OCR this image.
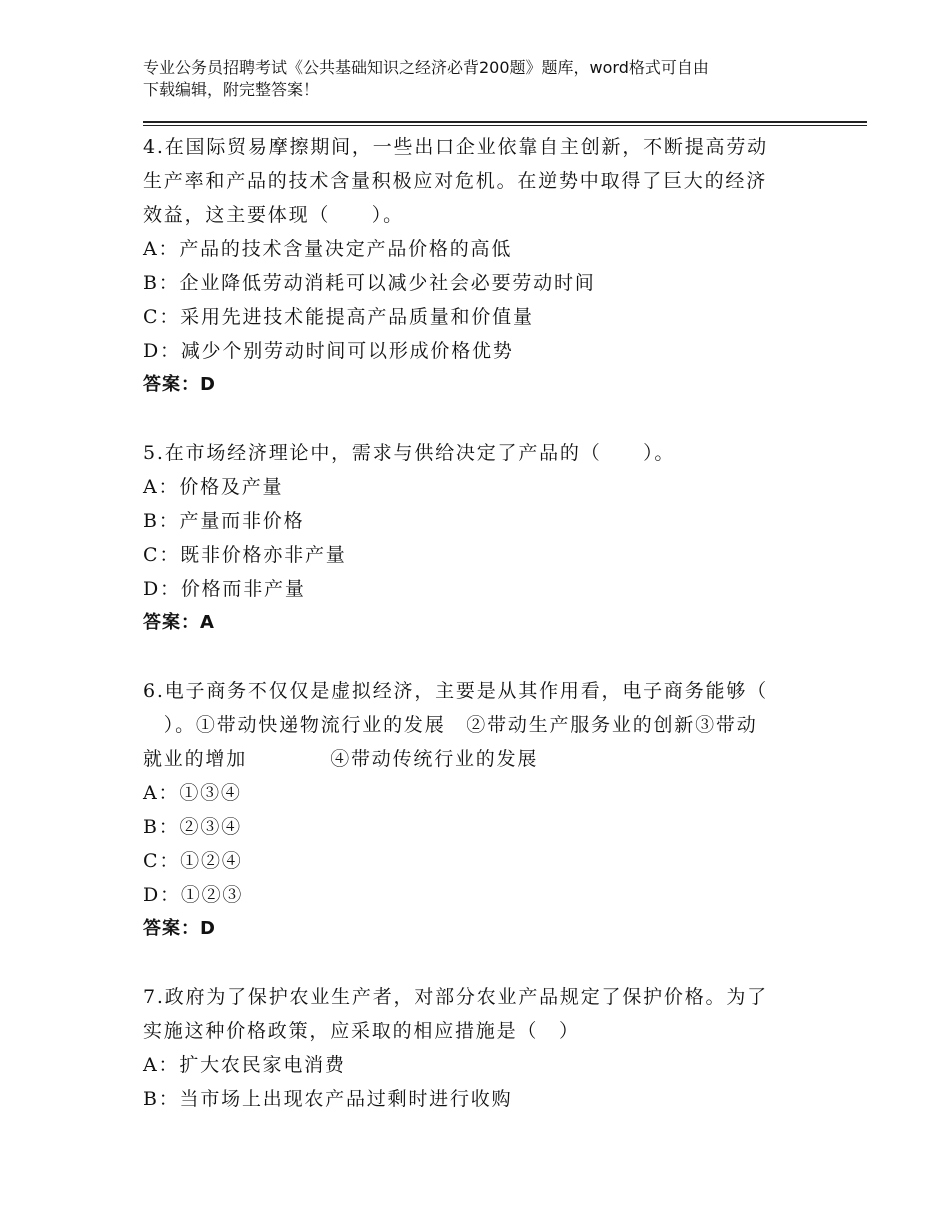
专业公务员招聘考试《公共基础知识之经济必背200题》题库，word格式可自由
下载编辑，附完整答案！
4.在国际贸易摩擦期间，一些出口企业依靠自主创新，不断提高劳动
生产率和产品的技术含量积极应对危机。在逆势中取得了巨大的经济
效益，这主要体现（　　）。
A：产品的技术含量决定产品价格的高低
B：企业降低劳动消耗可以减少社会必要劳动时间
C：采用先进技术能提高产品质量和价值量
D：减少个别劳动时间可以形成价格优势
答案：D
5.在市场经济理论中，需求与供给决定了产品的（　　）。
A：价格及产量
B：产量而非价格
C：既非价格亦非产量
D：价格而非产量
答案：A
6.电子商务不仅仅是虚拟经济，主要是从其作用看，电子商务能够（
　）。①带动快递物流行业的发展　②带动生产服务业的创新③带动
就业的增加　　　　④带动传统行业的发展
A：①③④
B：②③④
C：①②④
D：①②③
答案：D
7.政府为了保护农业生产者，对部分农业产品规定了保护价格。为了
实施这种价格政策，应采取的相应措施是（　）
A：扩大农民家电消费
B：当市场上出现农产品过剩时进行收购
